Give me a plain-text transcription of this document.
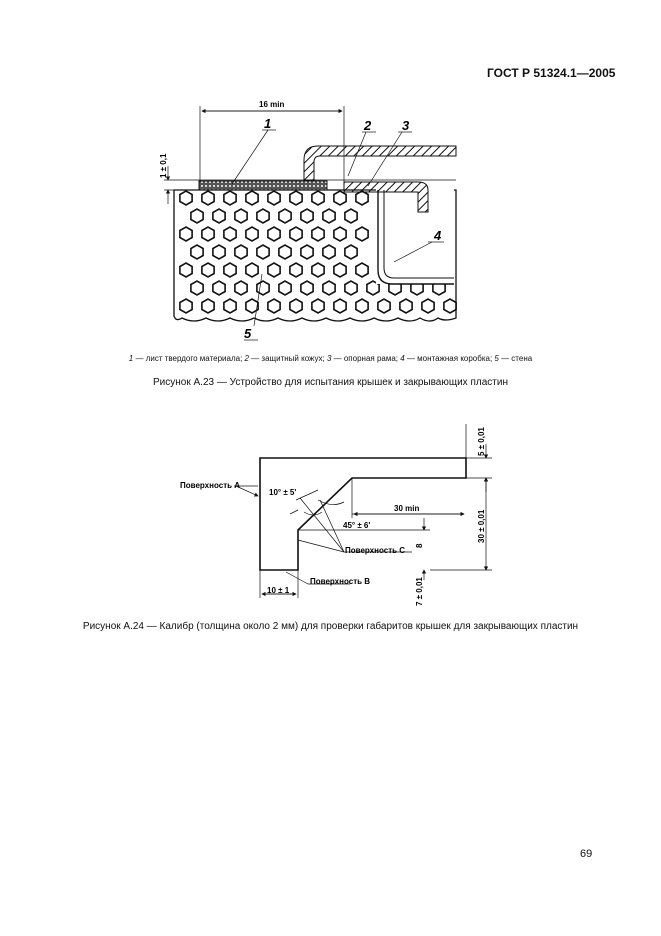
ГОСТ Р 51324.1—2005
16 min
1 ± 0,1
1	2 3
4
5
Поверхность А
10° ± 5'
30 min
45° ± 6'
Поверхность С
Поверхность В
10 ± 1
5 ± 0,01
30 ± 0,01
8
7 ± 0,01
1 — лист твердого материала; 2 — защитный кожух; 3 — опорная рама; 4 — монтажная коробка; 5 — стена
Рисунок А.23 — Устройство для испытания крышек и закрывающих пластин
Рисунок А.24 — Калибр (толщина около 2 мм) для проверки габаритов крышек для закрывающих пластин
69
